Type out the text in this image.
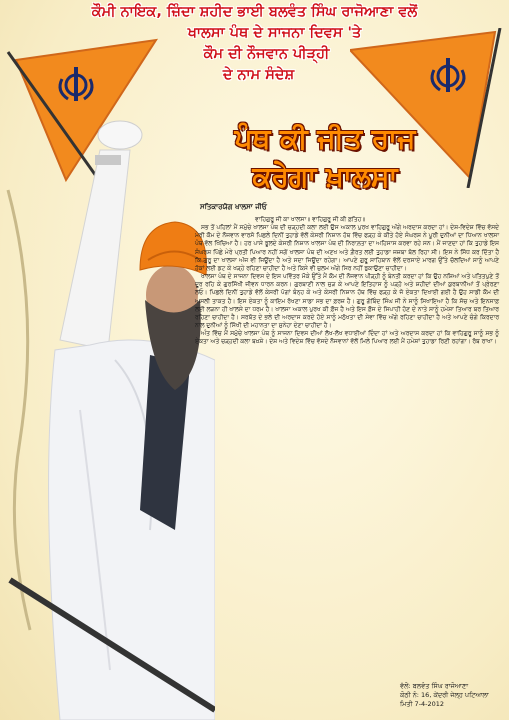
ਕੌਮੀ ਨਾਇਕ, ਜ਼ਿੰਦਾ ਸ਼ਹੀਦ ਭਾਈ ਬਲਵੰਤ ਸਿੰਘ ਰਾਜੋਆਣਾ ਵਲੋਂ
ਖਾਲਸਾ ਪੰਥ ਦੇ ਸਾਜਨਾ ਦਿਵਸ 'ਤੇ
ਕੌਮ ਦੀ ਨੌਜਵਾਨ ਪੀੜ੍ਹੀ
ਦੇ ਨਾਮ ਸੰਦੇਸ਼
ਪੰਥ ਕੀ ਜੀਤ ਰਾਜ
ਕਰੇਗਾ ਖ਼ਾਲਸਾ
ਸਤਿਕਾਰਯੋਗ ਖਾਲਸਾ ਜੀਓ

ਵਾਹਿਗੁਰੂ ਜੀ ਕਾ ਖਾਲਸਾ॥ ਵਾਹਿਗੁਰੂ ਜੀ ਕੀ ਫ਼ਤਿਹ॥

ਸਭ ਤੋਂ ਪਹਿਲਾਂ ਮੈਂ ਸਮੁੱਚੇ ਖਾਲਸਾ ਪੰਥ ਦੀ ਚੜ੍ਹਦੀ ਕਲਾ ਲਈ ਉਸ ਅਕਾਲ ਪੁਰਖ ਵਾਹਿਗੁਰੂ ਅੱਗੇ ਅਰਦਾਸ ਕਰਦਾ ਹਾਂ। ਦੇਸ਼-ਵਿਦੇਸ਼ ਵਿੱਚ ਵੱਸਦੇ ਮੇਰੀ ਕੌਮ ਦੇ ਨੌਜਵਾਨ ਵਾਰਸੋ ਪਿਛਲੇ ਦਿਨੀਂ ਤੁਹਾਡੇ ਵੱਲੋਂ ਕੇਸਰੀ ਨਿਸ਼ਾਨ ਹੱਥ ਵਿੱਚ ਫੜ੍ਹ ਕੇ ਕੀਤੇ ਹੋਏ ਸੰਘਰਸ਼ ਨੇ ਪੂਰੀ ਦੁਨੀਆਂ ਦਾ ਧਿਆਨ ਖਾਲਸਾ ਪੰਥ ਵੱਲ ਖਿੱਚਿਆ ਹੈ। ਹਰ ਪਾਸੇ ਝੂਲਦੇ ਕੇਸਰੀ ਨਿਸ਼ਾਨ ਖਾਲਸਾ ਪੰਥ ਦੀ ਨਿਰਾਲ਼ਤਾ ਦਾ ਅਹਿਸਾਸ ਕਰਵਾ ਰਹੇ ਸਨ। ਮੈਂ ਜਾਣਦਾ ਹਾਂ ਕਿ ਤੁਹਾਡੇ ਇਸ ਸੰਘਰਸ਼ ਪਿੱਛੇ ਮੇਰੇ ਪ੍ਰਤੀ ਪਿਆਰ ਨਹੀਂ ਸਗੋਂ ਖਾਲਸਾ ਪੰਥ ਦੀ ਅਣਖ ਅਤੇ ਗ਼ੈਰਤ ਲਈ ਤੁਹਾਡਾ ਜਜ਼ਬਾ ਬੋਲ ਰਿਹਾ ਸੀ। ਇਸ ਨੇ ਸਿੱਧ ਕਰ ਦਿੱਤਾ ਹੈ ਕਿ ਗੁਰੂ ਦਾ ਖਾਲਸਾ ਅੱਜ ਵੀ ਜਿਊਂਦਾ ਹੈ ਅਤੇ ਸਦਾ ਜਿਊਂਦਾ ਰਹੇਗਾ। ਆਪਣੇ ਗੁਰੂ ਸਾਹਿਬਾਨ ਵੱਲੋਂ ਦਰਸਾਏ ਮਾਰਗ ਉੱਤੇ ਚੱਲਦਿਆਂ ਸਾਨੂੰ ਆਪਣੇ ਹੱਕਾਂ ਲਈ ਡਟ ਕੇ ਖੜ੍ਹੇ ਰਹਿਣਾ ਚਾਹੀਦਾ ਹੈ ਅਤੇ ਕਿਸੇ ਵੀ ਜ਼ੁਲਮ ਅੱਗੇ ਸਿਰ ਨਹੀਂ ਝੁਕਾਉਣਾ ਚਾਹੀਦਾ।

ਖਾਲਸਾ ਪੰਥ ਦੇ ਸਾਜਨਾ ਦਿਵਸ ਦੇ ਇਸ ਪਵਿੱਤਰ ਮੌਕੇ ਉੱਤੇ ਮੈਂ ਕੌਮ ਦੀ ਨੌਜਵਾਨ ਪੀੜ੍ਹੀ ਨੂੰ ਬੇਨਤੀ ਕਰਦਾ ਹਾਂ ਕਿ ਉਹ ਨਸ਼ਿਆਂ ਅਤੇ ਪਤਿਤਪੁਣੇ ਤੋਂ ਦੂਰ ਰਹਿ ਕੇ ਗੁਰਸਿੱਖੀ ਜੀਵਨ ਧਾਰਨ ਕਰਨ। ਗੁਰਬਾਣੀ ਨਾਲ ਜੁੜ ਕੇ ਆਪਣੇ ਇਤਿਹਾਸ ਨੂੰ ਪੜ੍ਹੋ ਅਤੇ ਸ਼ਹੀਦਾਂ ਦੀਆਂ ਕੁਰਬਾਨੀਆਂ ਤੋਂ ਪ੍ਰੇਰਣਾ ਲਓ। ਪਿਛਲੇ ਦਿਨੀਂ ਤੁਹਾਡੇ ਵੱਲੋਂ ਕੇਸਰੀ ਪੱਗਾਂ ਬੰਨ੍ਹ ਕੇ ਅਤੇ ਕੇਸਰੀ ਨਿਸ਼ਾਨ ਹੱਥ ਵਿੱਚ ਫੜ੍ਹ ਕੇ ਜੋ ਏਕਤਾ ਦਿਖਾਈ ਗਈ ਹੈ ਉਹ ਸਾਡੀ ਕੌਮ ਦੀ ਅਸਲੀ ਤਾਕਤ ਹੈ। ਇਸ ਏਕਤਾ ਨੂੰ ਕਾਇਮ ਰੱਖਣਾ ਸਾਡਾ ਸਭ ਦਾ ਫ਼ਰਜ਼ ਹੈ। ਗੁਰੂ ਗੋਬਿੰਦ ਸਿੰਘ ਜੀ ਨੇ ਸਾਨੂੰ ਸਿਖਾਇਆ ਹੈ ਕਿ ਸੱਚ ਅਤੇ ਇਨਸਾਫ਼ ਲਈ ਲੜਨਾ ਹੀ ਖਾਲਸੇ ਦਾ ਧਰਮ ਹੈ। ਖਾਲਸਾ ਅਕਾਲ ਪੁਰਖ ਕੀ ਫ਼ੌਜ ਹੈ ਅਤੇ ਇਸ ਫ਼ੌਜ ਦੇ ਸਿਪਾਹੀ ਹੋਣ ਦੇ ਨਾਤੇ ਸਾਨੂੰ ਹਮੇਸ਼ਾ ਤਿਆਰ ਬਰ ਤਿਆਰ ਰਹਿਣਾ ਚਾਹੀਦਾ ਹੈ। ਸਰਬੱਤ ਦੇ ਭਲੇ ਦੀ ਅਰਦਾਸ ਕਰਦੇ ਹੋਏ ਸਾਨੂੰ ਮਨੁੱਖਤਾ ਦੀ ਸੇਵਾ ਵਿੱਚ ਅੱਗੇ ਰਹਿਣਾ ਚਾਹੀਦਾ ਹੈ ਅਤੇ ਆਪਣੇ ਚੰਗੇ ਕਿਰਦਾਰ ਨਾਲ ਦੁਨੀਆਂ ਨੂੰ ਸਿੱਖੀ ਦੀ ਮਹਾਨਤਾ ਦਾ ਸੁਨੇਹਾ ਦੇਣਾ ਚਾਹੀਦਾ ਹੈ।

ਅੰਤ ਵਿੱਚ ਮੈਂ ਸਮੁੱਚੇ ਖਾਲਸਾ ਪੰਥ ਨੂੰ ਸਾਜਨਾ ਦਿਵਸ ਦੀਆਂ ਲੱਖ-ਲੱਖ ਵਧਾਈਆਂ ਦਿੰਦਾ ਹਾਂ ਅਤੇ ਅਰਦਾਸ ਕਰਦਾ ਹਾਂ ਕਿ ਵਾਹਿਗੁਰੂ ਸਾਨੂੰ ਸਭ ਨੂੰ ਏਕਤਾ ਅਤੇ ਚੜ੍ਹਦੀ ਕਲਾ ਬਖ਼ਸ਼ੇ। ਦੇਸ਼ ਅਤੇ ਵਿਦੇਸ਼ ਵਿੱਚ ਵੱਸਦੇ ਨੌਜਵਾਨਾਂ ਵੱਲੋਂ ਮਿਲੇ ਪਿਆਰ ਲਈ ਮੈਂ ਹਮੇਸ਼ਾਂ ਤੁਹਾਡਾ ਰਿਣੀ ਰਹਾਂਗਾ। ਰੱਬ ਰਾਖਾ।

ਵੱਲੋਂ: ਬਲਵੰਤ ਸਿੰਘ ਰਾਜੋਆਣਾ
ਕੋਠੀ ਨੰ: 16, ਕੇਂਦਰੀ ਜੇਲ੍ਹ ਪਟਿਆਲਾ
ਮਿਤੀ 7-4-2012
